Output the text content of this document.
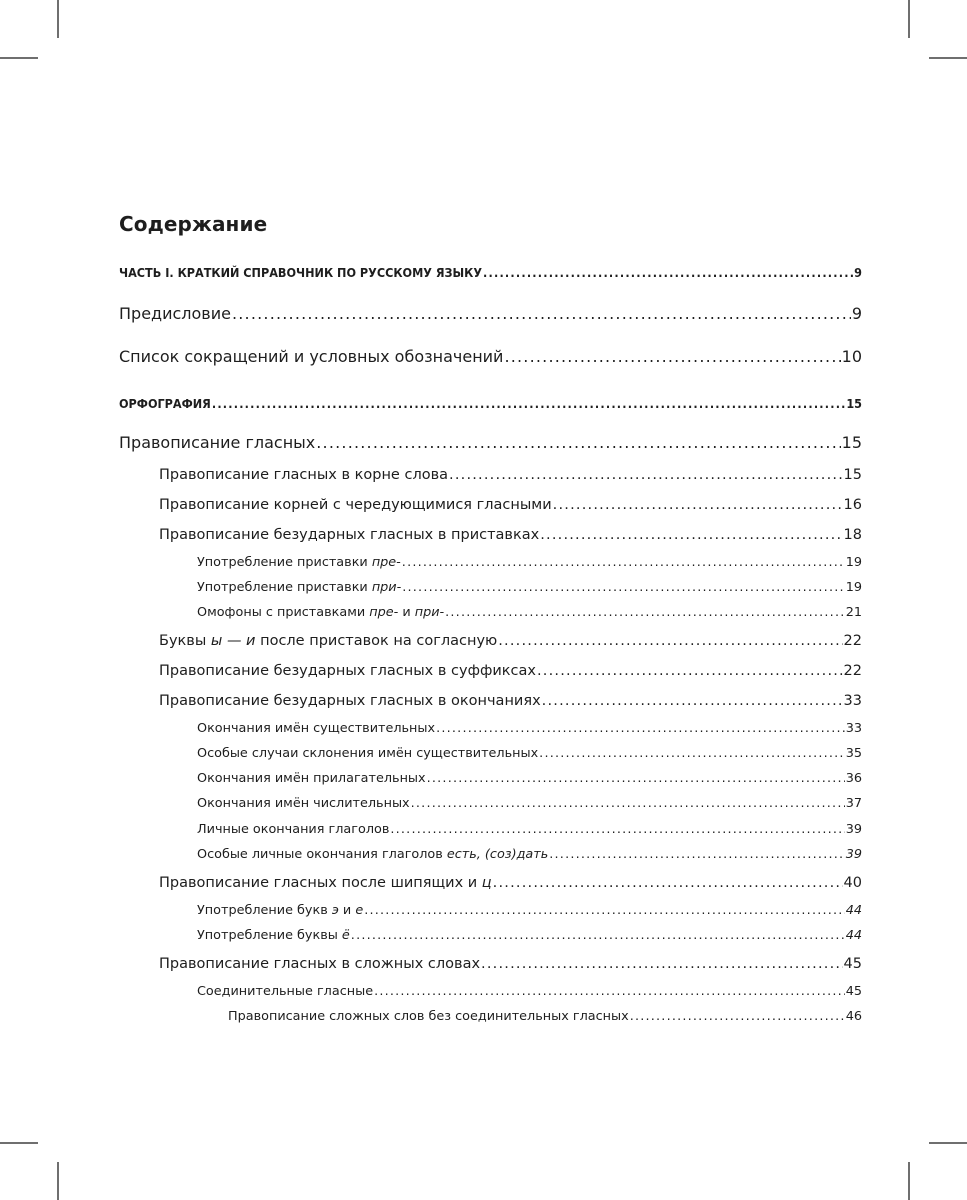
Содержание
ЧАСТЬ I. КРАТКИЙ СПРАВОЧНИК ПО РУССКОМУ ЯЗЫКУ .....	9
Предисловие .....	9
Список сокращений и условных обозначений .....	10
ОРФОГРАФИЯ .....	15
Правописание гласных .....	15
Правописание гласных в корне слова .....	15
Правописание корней с чередующимися гласными .....	16
Правописание безударных гласных в приставках .....	18
Употребление приставки пре- .....	19
Употребление приставки при- .....	19
Омофоны с приставками пре- и при- .....	21
Буквы ы — и после приставок на согласную .....	22
Правописание безударных гласных в суффиксах .....	22
Правописание безударных гласных в окончаниях .....	33
Окончания имён существительных .....	33
Особые случаи склонения имён существительных .....	35
Окончания имён прилагательных .....	36
Окончания имён числительных .....	37
Личные окончания глаголов .....	39
Особые личные окончания глаголов есть, (соз)дать .....	39
Правописание гласных после шипящих и ц .....	40
Употребление букв э и е .....	44
Употребление буквы ё .....	44
Правописание гласных в сложных словах .....	45
Соединительные гласные .....	45
Правописание сложных слов без соединительных гласных .....	46
